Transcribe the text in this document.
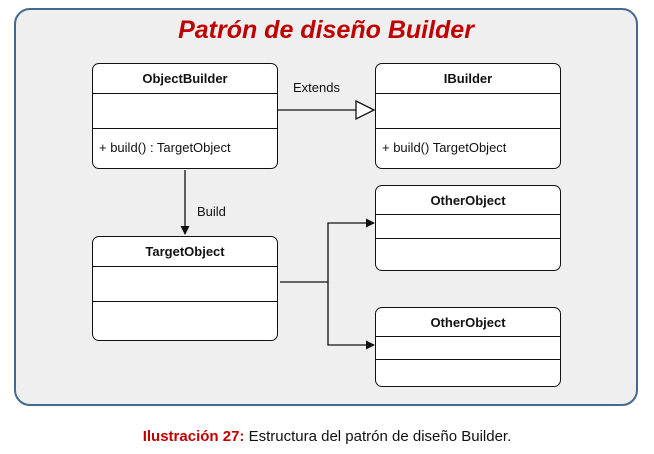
Patrón de diseño Builder
Extends
Build
ObjectBuilder
+ build() : TargetObject
IBuilder
+ build() TargetObject
TargetObject
OtherObject
OtherObject
Ilustración 27: Estructura del patrón de diseño Builder.
